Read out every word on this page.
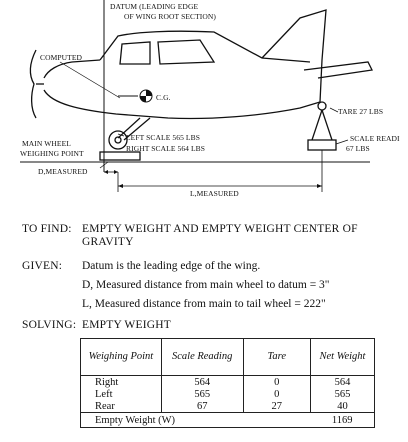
DATUM (LEADING EDGE
OF WING ROOT SECTION)
COMPUTED
C.G.
TARE 27 LBS
SCALE READI
67 LBS
LEFT SCALE 565 LBS
RIGHT SCALE 564 LBS
MAIN WHEEL
WEIGHING POINT
D,MEASURED
L,MEASURED
TO FIND: EMPTY WEIGHT AND EMPTY WEIGHT CENTER OF
GRAVITY
GIVEN: Datum is the leading edge of the wing.
D, Measured distance from main wheel to datum = 3"
L, Measured distance from main to tail wheel = 222"
SOLVING: EMPTY WEIGHT
Weighing Point	Scale Reading	Tare	Net Weight
Right	564	0	564
Left	565	0	565
Rear	67	27	40
Empty Weight (W)			1169
